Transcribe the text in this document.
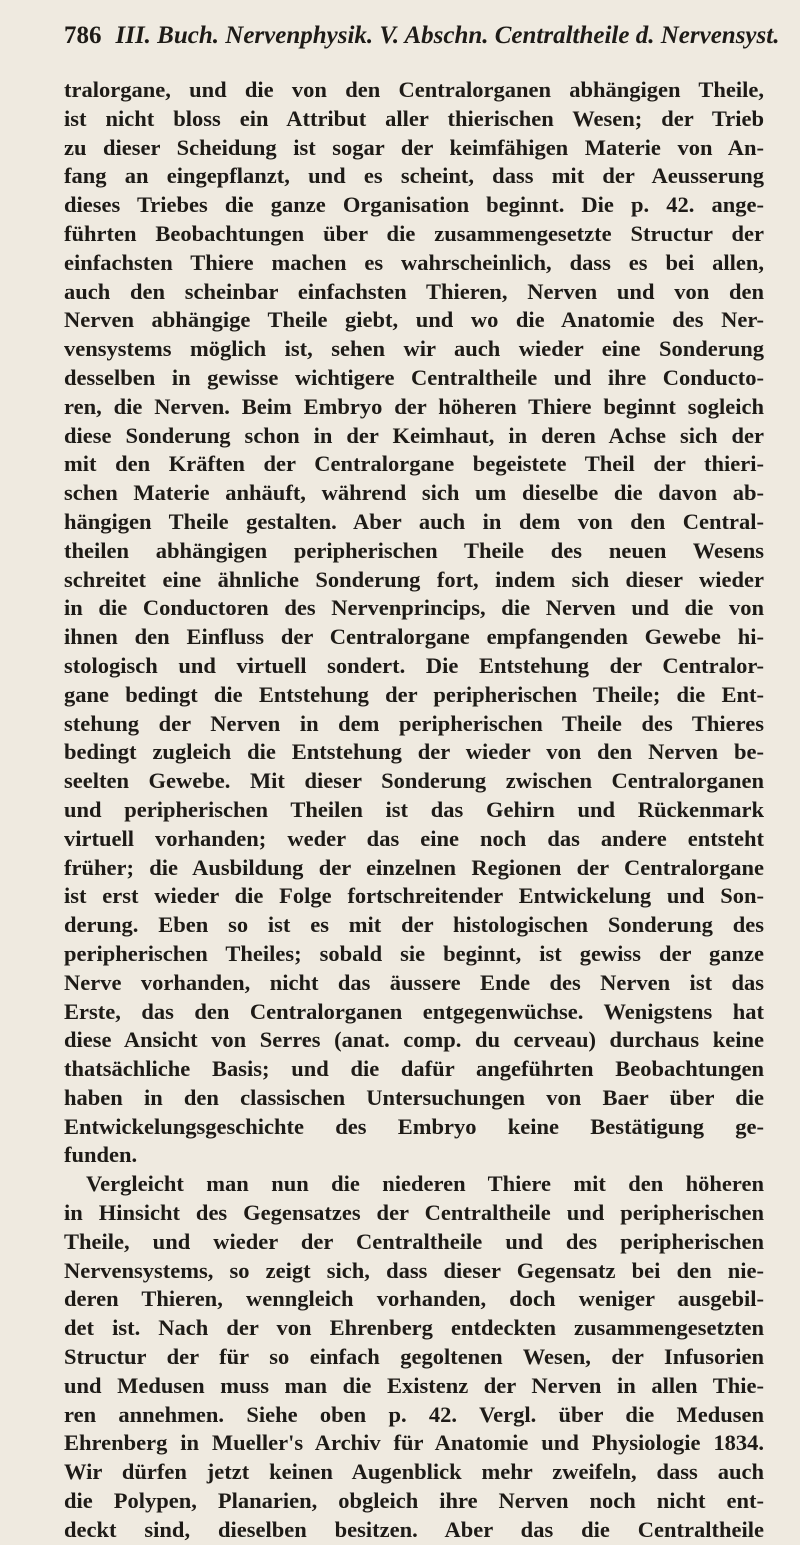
786 III. Buch. Nervenphysik. V. Abschn. Centraltheile d. Nervensyst.
tralorgane, und die von den Centralorganen abhängigen Theile,
ist nicht bloss ein Attribut aller thierischen Wesen; der Trieb
zu dieser Scheidung ist sogar der keimfähigen Materie von An-
fang an eingepflanzt, und es scheint, dass mit der Aeusserung
dieses Triebes die ganze Organisation beginnt. Die p. 42. ange-
führten Beobachtungen über die zusammengesetzte Structur der
einfachsten Thiere machen es wahrscheinlich, dass es bei allen,
auch den scheinbar einfachsten Thieren, Nerven und von den
Nerven abhängige Theile giebt, und wo die Anatomie des Ner-
vensystems möglich ist, sehen wir auch wieder eine Sonderung
desselben in gewisse wichtigere Centraltheile und ihre Conducto-
ren, die Nerven. Beim Embryo der höheren Thiere beginnt sogleich
diese Sonderung schon in der Keimhaut, in deren Achse sich der
mit den Kräften der Centralorgane begeistete Theil der thieri-
schen Materie anhäuft, während sich um dieselbe die davon ab-
hängigen Theile gestalten. Aber auch in dem von den Central-
theilen abhängigen peripherischen Theile des neuen Wesens
schreitet eine ähnliche Sonderung fort, indem sich dieser wieder
in die Conductoren des Nervenprincips, die Nerven und die von
ihnen den Einfluss der Centralorgane empfangenden Gewebe hi-
stologisch und virtuell sondert. Die Entstehung der Centralor-
gane bedingt die Entstehung der peripherischen Theile; die Ent-
stehung der Nerven in dem peripherischen Theile des Thieres
bedingt zugleich die Entstehung der wieder von den Nerven be-
seelten Gewebe. Mit dieser Sonderung zwischen Centralorganen
und peripherischen Theilen ist das Gehirn und Rückenmark
virtuell vorhanden; weder das eine noch das andere entsteht
früher; die Ausbildung der einzelnen Regionen der Centralorgane
ist erst wieder die Folge fortschreitender Entwickelung und Son-
derung. Eben so ist es mit der histologischen Sonderung des
peripherischen Theiles; sobald sie beginnt, ist gewiss der ganze
Nerve vorhanden, nicht das äussere Ende des Nerven ist das
Erste, das den Centralorganen entgegenwüchse. Wenigstens hat
diese Ansicht von Serres (anat. comp. du cerveau) durchaus keine
thatsächliche Basis; und die dafür angeführten Beobachtungen
haben in den classischen Untersuchungen von Baer über die
Entwickelungsgeschichte des Embryo keine Bestätigung ge-
funden.
Vergleicht man nun die niederen Thiere mit den höheren
in Hinsicht des Gegensatzes der Centraltheile und peripherischen
Theile, und wieder der Centraltheile und des peripherischen
Nervensystems, so zeigt sich, dass dieser Gegensatz bei den nie-
deren Thieren, wenngleich vorhanden, doch weniger ausgebil-
det ist. Nach der von Ehrenberg entdeckten zusammengesetzten
Structur der für so einfach gegoltenen Wesen, der Infusorien
und Medusen muss man die Existenz der Nerven in allen Thie-
ren annehmen. Siehe oben p. 42. Vergl. über die Medusen
Ehrenberg in Mueller's Archiv für Anatomie und Physiologie 1834.
Wir dürfen jetzt keinen Augenblick mehr zweifeln, dass auch
die Polypen, Planarien, obgleich ihre Nerven noch nicht ent-
deckt sind, dieselben besitzen. Aber das die Centraltheile
